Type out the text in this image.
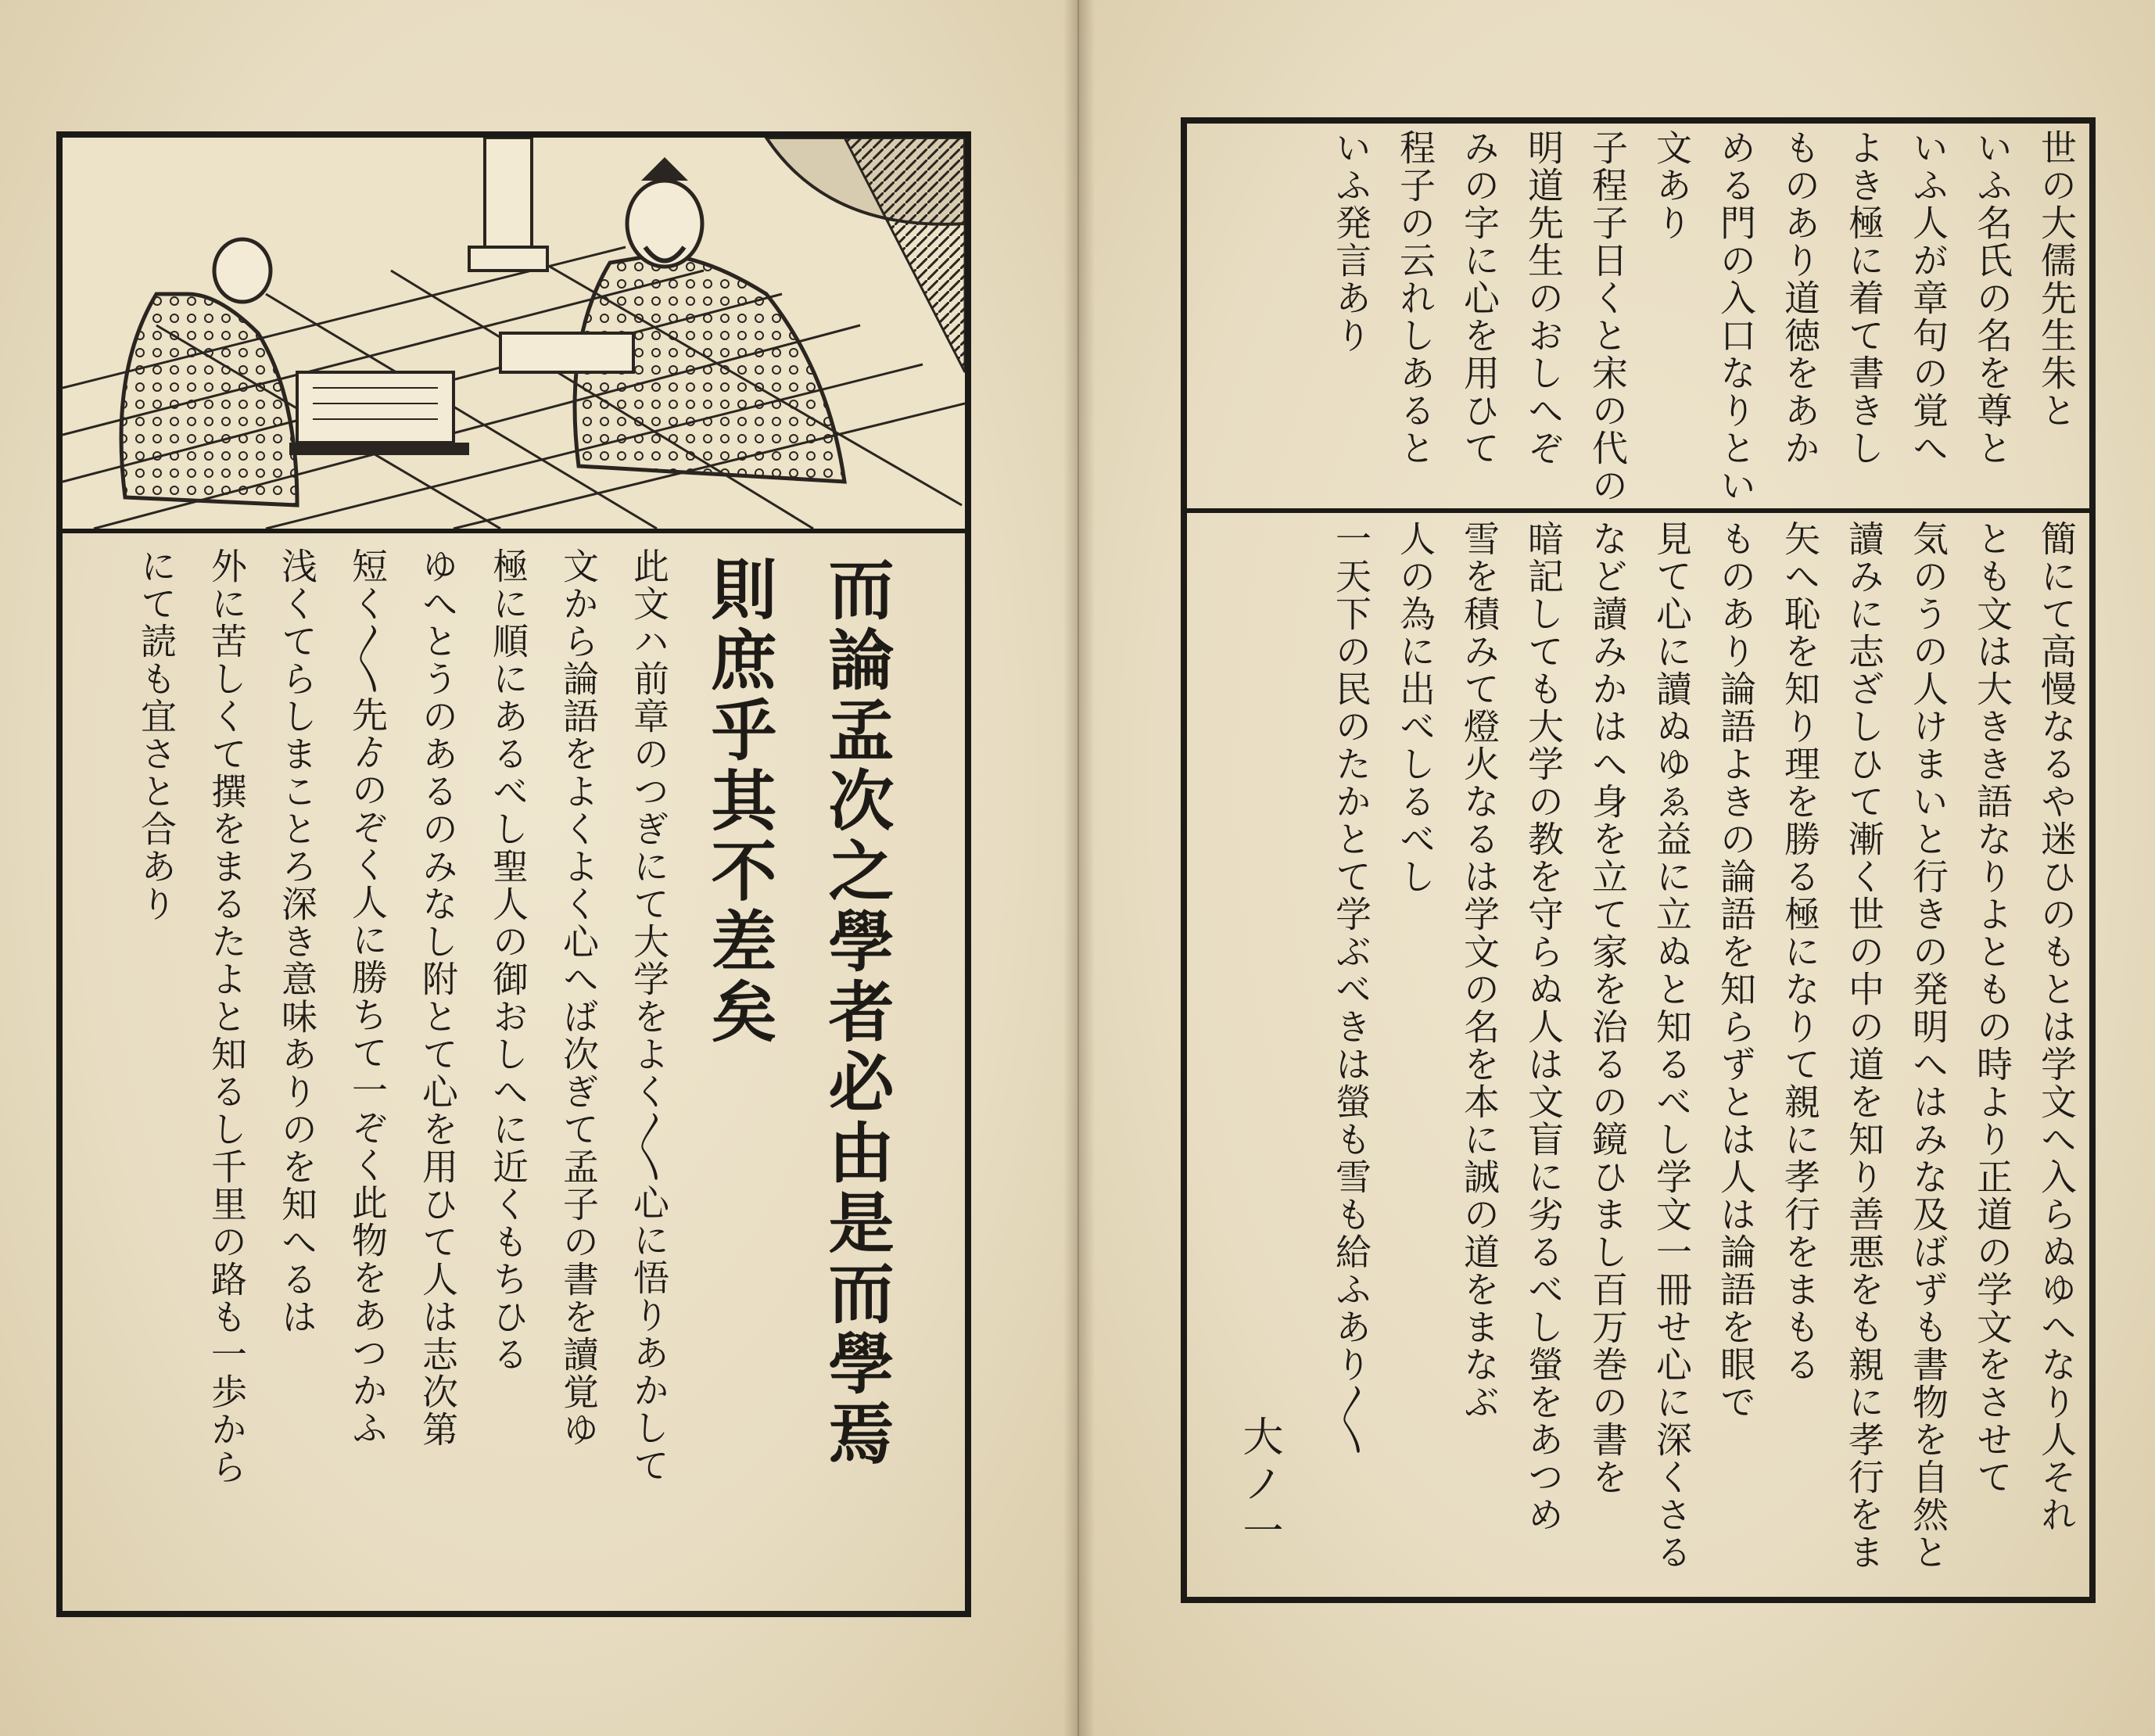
而論孟次之學者必由是而學焉
則庶乎其不差矣
此文ハ前章のつぎにて大学をよく〳〵心に悟りあかして
文から論語をよくよく心へば次ぎて孟子の書を讀覚ゆ
極に順にあるべし聖人の御おしへに近くもちひる
ゆへとうのあるのみなし附とて心を用ひて人は志次第
短く〳〵先ゟのぞく人に勝ちて一ぞく此物をあつかふ
浅くてらしまことろ深き意味ありのを知へるは
外に苦しくて撰をまるたよと知るし千里の路も一歩から
にて読も宜さと合あり
世の大儒先生朱と
いふ名氏の名を尊と
いふ人が章句の覚へ
よき極に着て書きし
ものあり道徳をあか
める門の入口なりとい
文あり
子程子日くと宋の代の
明道先生のおしへぞ
みの字に心を用ひて
程子の云れしあると
いふ発言あり
簡にて高慢なるや迷ひのもとは学文へ入らぬゆへなり人それ
とも文は大きき語なりよともの時より正道の学文をさせて
気のうの人けまいと行きの発明へはみな及ばずも書物を自然と
讀みに志ざしひて漸く世の中の道を知り善悪をも親に孝行をま
矢へ恥を知り理を勝る極になりて親に孝行をまもる
ものあり論語よきの論語を知らずとは人は論語を眼で
見て心に讀ぬゆゑ益に立ぬと知るべし学文一冊せ心に深くさる
など讀みかはへ身を立て家を治るの鏡ひまし百万巻の書を
暗記しても大学の教を守らぬ人は文盲に劣るべし螢をあつめ
雪を積みて燈火なるは学文の名を本に誠の道をまなぶ
人の為に出べしるべし
一天下の民のたかとて学ぶべきは螢も雪も給ふあり〳〵
大ノ一
